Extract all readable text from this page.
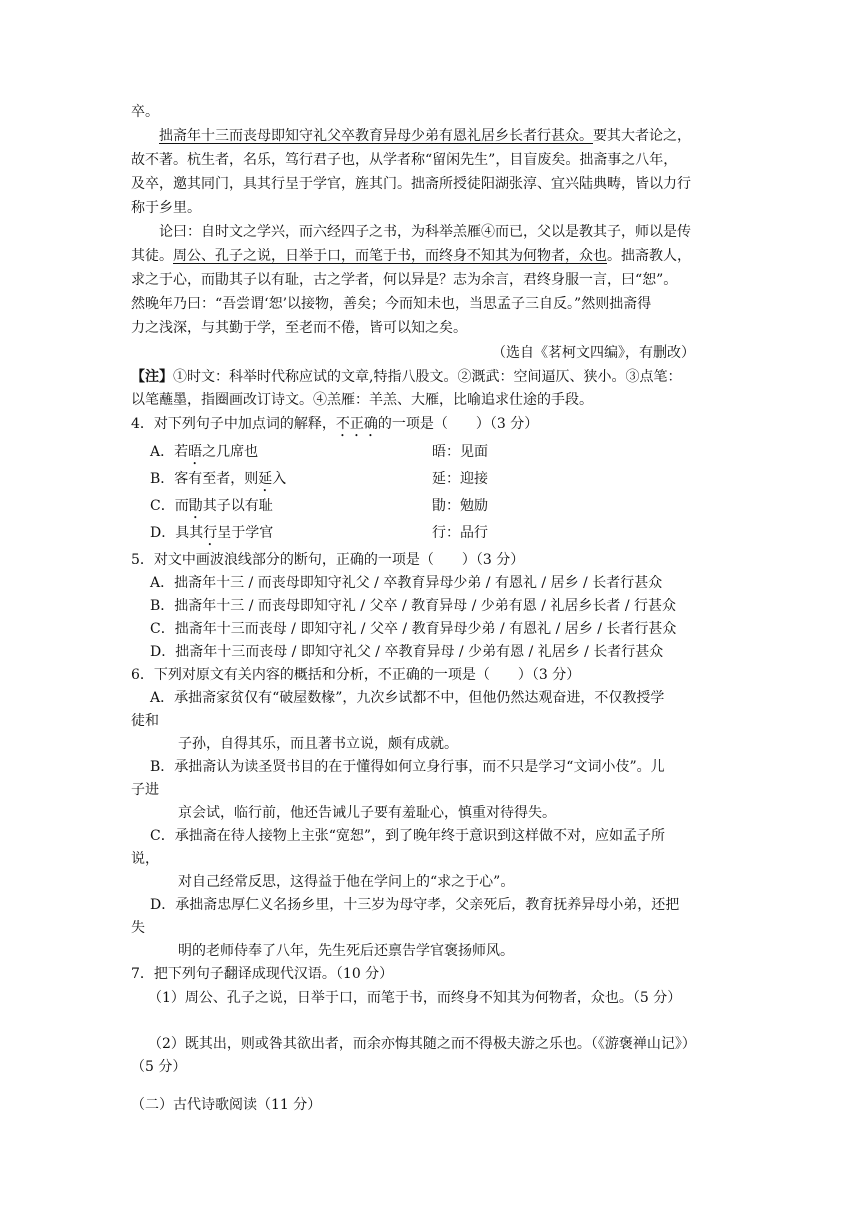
卒。
拙斋年十三而丧母即知守礼父卒教育异母少弟有恩礼居乡长者行甚众。要其大者论之，
故不著。杭生者，名乐，笃行君子也，从学者称“留闲先生”，目盲废矣。拙斋事之八年，
及卒，邀其同门，具其行呈于学官，旌其门。拙斋所授徒阳湖张淳、宜兴陆典畴，皆以力行
称于乡里。
论曰：自时文之学兴，而六经四子之书，为科举羔雁④而已，父以是教其子，师以是传
其徒。周公、孔子之说，日举于口，而笔于书，而终身不知其为何物者，众也。拙斋教人，
求之于心，而勖其子以有耻，古之学者，何以异是？志为余言，君终身服一言，曰“恕”。
然晚年乃曰：“吾尝谓‘恕’以接物，善矣；今而知未也，当思孟子三自反。”然则拙斋得
力之浅深，与其勤于学，至老而不倦，皆可以知之矣。
（选自《茗柯文四编》，有删改）
【注】①时文：科举时代称应试的文章,特指八股文。②溉武：空间逼仄、狭小。③点笔：
以笔蘸墨，指圈画改订诗文。④羔雁：羊羔、大雁，比喻追求仕途的手段。
4．对下列句子中加点词的解释，不正确的一项是（　　）（3 分）
A．若晤之几席也	晤：见面
B．客有至者，则延入	延：迎接
C．而勖其子以有耻	勖：勉励
D．具其行呈于学官	行：品行
5．对文中画波浪线部分的断句，正确的一项是（　　）（3 分）
A．拙斋年十三 / 而丧母即知守礼父 / 卒教育异母少弟 / 有恩礼 / 居乡 / 长者行甚众
B．拙斋年十三 / 而丧母即知守礼 / 父卒 / 教育异母 / 少弟有恩 / 礼居乡长者 / 行甚众
C．拙斋年十三而丧母 / 即知守礼 / 父卒 / 教育异母少弟 / 有恩礼 / 居乡 / 长者行甚众
D．拙斋年十三而丧母 / 即知守礼父 / 卒教育异母 / 少弟有恩 / 礼居乡 / 长者行甚众
6．下列对原文有关内容的概括和分析，不正确的一项是（　　）（3 分）
A．承拙斋家贫仅有“破屋数椽”，九次乡试都不中，但他仍然达观奋进，不仅教授学
徒和
子孙，自得其乐，而且著书立说，颇有成就。
B．承拙斋认为读圣贤书目的在于懂得如何立身行事，而不只是学习“文词小伎”。儿
子进
京会试，临行前，他还告诫儿子要有羞耻心，慎重对待得失。
C．承拙斋在待人接物上主张“宽恕”，到了晚年终于意识到这样做不对，应如孟子所
说，
对自己经常反思，这得益于他在学问上的“求之于心”。
D．承拙斋忠厚仁义名扬乡里，十三岁为母守孝，父亲死后，教育抚养异母小弟，还把
失
明的老师侍奉了八年，先生死后还禀告学官褒扬师风。
7．把下列句子翻译成现代汉语。（10 分）
（1）周公、孔子之说，日举于口，而笔于书，而终身不知其为何物者，众也。（5 分）
（2）既其出，则或咎其欲出者，而余亦悔其随之而不得极夫游之乐也。（《游褒禅山记》）
（5 分）
（二）古代诗歌阅读（11 分）
